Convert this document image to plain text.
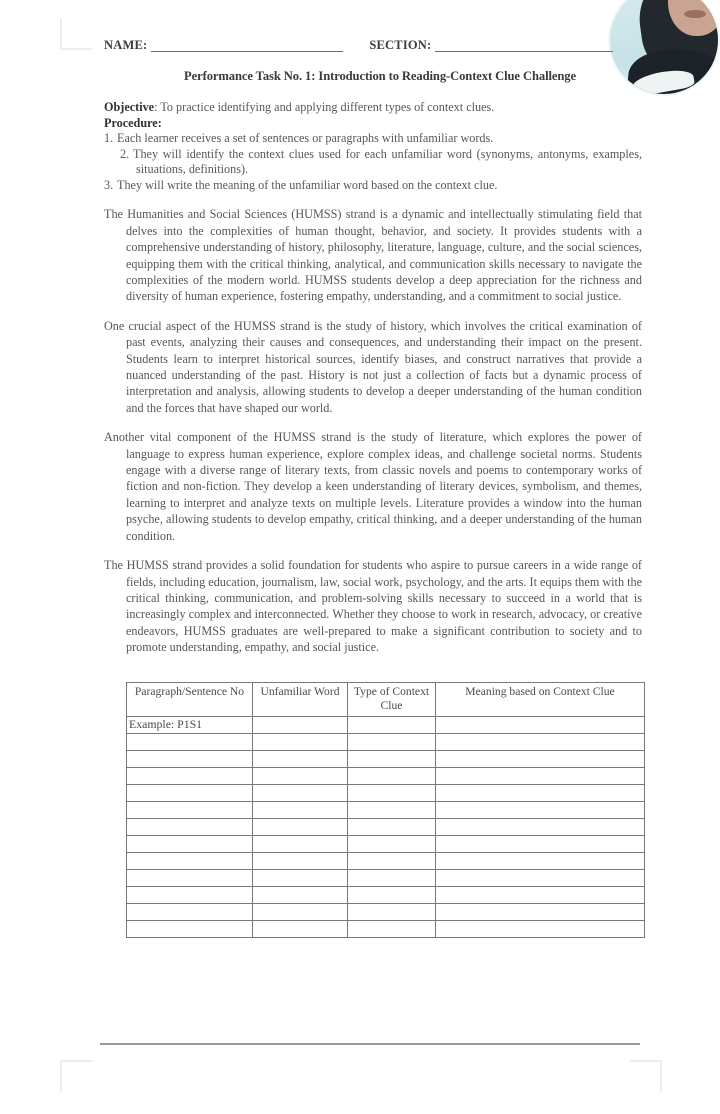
NAME:	SECTION:
Performance Task No. 1: Introduction to Reading-Context Clue Challenge

Objective: To practice identifying and applying different types of context clues.

Procedure:

1. Each learner receives a set of sentences or paragraphs with unfamiliar words.
2. They will identify the context clues used for each unfamiliar word (synonyms, antonyms, examples, situations, definitions).
3. They will write the meaning of the unfamiliar word based on the context clue.

The Humanities and Social Sciences (HUMSS) strand is a dynamic and intellectually stimulating field that delves into the complexities of human thought, behavior, and society. It provides students with a comprehensive understanding of history, philosophy, literature, language, culture, and the social sciences, equipping them with the critical thinking, analytical, and communication skills necessary to navigate the complexities of the modern world. HUMSS students develop a deep appreciation for the richness and diversity of human experience, fostering empathy, understanding, and a commitment to social justice.

One crucial aspect of the HUMSS strand is the study of history, which involves the critical examination of past events, analyzing their causes and consequences, and understanding their impact on the present. Students learn to interpret historical sources, identify biases, and construct narratives that provide a nuanced understanding of the past. History is not just a collection of facts but a dynamic process of interpretation and analysis, allowing students to develop a deeper understanding of the human condition and the forces that have shaped our world.

Another vital component of the HUMSS strand is the study of literature, which explores the power of language to express human experience, explore complex ideas, and challenge societal norms. Students engage with a diverse range of literary texts, from classic novels and poems to contemporary works of fiction and non-fiction. They develop a keen understanding of literary devices, symbolism, and themes, learning to interpret and analyze texts on multiple levels. Literature provides a window into the human psyche, allowing students to develop empathy, critical thinking, and a deeper understanding of the human condition.

The HUMSS strand provides a solid foundation for students who aspire to pursue careers in a wide range of fields, including education, journalism, law, social work, psychology, and the arts. It equips them with the critical thinking, communication, and problem-solving skills necessary to succeed in a world that is increasingly complex and interconnected. Whether they choose to work in research, advocacy, or creative endeavors, HUMSS graduates are well-prepared to make a significant contribution to society and to promote understanding, empathy, and social justice.

Paragraph/Sentence No	Unfamiliar Word	Type of Context Clue	Meaning based on Context Clue
Example: P1S1			
